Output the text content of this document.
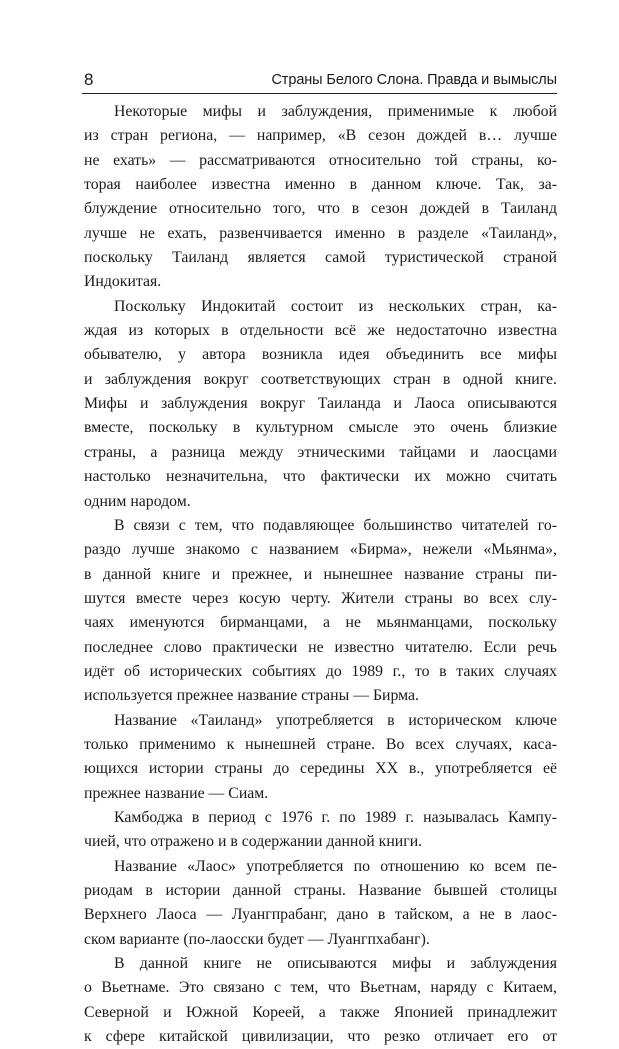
8	Страны Белого Слона. Правда и вымыслы
Некоторые мифы и заблуждения, применимые к любой
из стран региона, — например, «В сезон дождей в… лучше
не ехать» — рассматриваются относительно той страны, ко-
торая наиболее известна именно в данном ключе. Так, за-
блуждение относительно того, что в сезон дождей в Таиланд
лучше не ехать, развенчивается именно в разделе «Таиланд»,
поскольку Таиланд является самой туристической страной
Индокитая.
Поскольку Индокитай состоит из нескольких стран, ка-
ждая из которых в отдельности всё же недостаточно известна
обывателю, у автора возникла идея объединить все мифы
и заблуждения вокруг соответствующих стран в одной книге.
Мифы и заблуждения вокруг Таиланда и Лаоса описываются
вместе, поскольку в культурном смысле это очень близкие
страны, а разница между этническими тайцами и лаосцами
настолько незначительна, что фактически их можно считать
одним народом.
В связи с тем, что подавляющее большинство читателей го-
раздо лучше знакомо с названием «Бирма», нежели «Мьянма»,
в данной книге и прежнее, и нынешнее название страны пи-
шутся вместе через косую черту. Жители страны во всех слу-
чаях именуются бирманцами, а не мьянманцами, поскольку
последнее слово практически не известно читателю. Если речь
идёт об исторических событиях до 1989 г., то в таких случаях
используется прежнее название страны — Бирма.
Название «Таиланд» употребляется в историческом ключе
только применимо к нынешней стране. Во всех случаях, каса-
ющихся истории страны до середины XX в., употребляется её
прежнее название — Сиам.
Камбоджа в период с 1976 г. по 1989 г. называлась Кампу-
чией, что отражено и в содержании данной книги.
Название «Лаос» употребляется по отношению ко всем пе-
риодам в истории данной страны. Название бывшей столицы
Верхнего Лаоса — Луангпрабанг, дано в тайском, а не в лаос-
ском варианте (по-лаосски будет — Луангпхабанг).
В данной книге не описываются мифы и заблуждения
о Вьетнаме. Это связано с тем, что Вьетнам, наряду с Китаем,
Северной и Южной Кореей, а также Японией принадлежит
к сфере китайской цивилизации, что резко отличает его от
